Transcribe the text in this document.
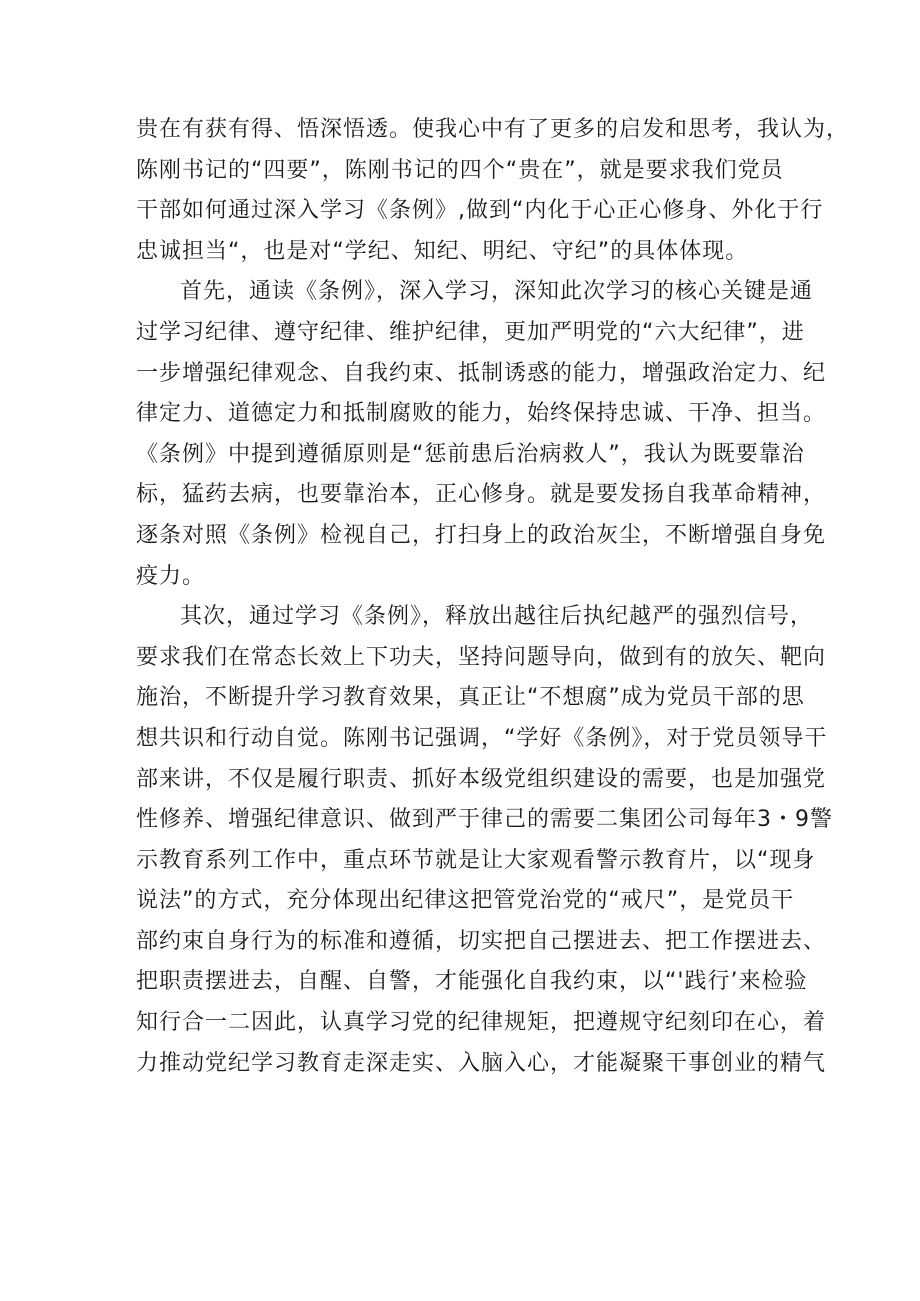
贵在有获有得、悟深悟透。使我心中有了更多的启发和思考，我认为，
陈刚书记的“四要”，陈刚书记的四个“贵在”，就是要求我们党员
干部如何通过深入学习《条例》,做到“内化于心正心修身、外化于行
忠诚担当“，也是对“学纪、知纪、明纪、守纪”的具体体现。
首先，通读《条例》，深入学习，深知此次学习的核心关键是通
过学习纪律、遵守纪律、维护纪律，更加严明党的“六大纪律”，进
一步增强纪律观念、自我约束、抵制诱惑的能力，增强政治定力、纪
律定力、道德定力和抵制腐败的能力，始终保持忠诚、干净、担当。
《条例》中提到遵循原则是“惩前患后治病救人”，我认为既要靠治
标，猛药去病，也要靠治本，正心修身。就是要发扬自我革命精神，
逐条对照《条例》检视自己，打扫身上的政治灰尘，不断增强自身免
疫力。
其次，通过学习《条例》，释放出越往后执纪越严的强烈信号，
要求我们在常态长效上下功夫，坚持问题导向，做到有的放矢、靶向
施治，不断提升学习教育效果，真正让“不想腐”成为党员干部的思
想共识和行动自觉。陈刚书记强调，“学好《条例》，对于党员领导干
部来讲，不仅是履行职责、抓好本级党组织建设的需要，也是加强党
性修养、增强纪律意识、做到严于律己的需要二集团公司每年3・9警
示教育系列工作中，重点环节就是让大家观看警示教育片，以“现身
说法”的方式，充分体现出纪律这把管党治党的“戒尺”，是党员干
部约束自身行为的标准和遵循，切实把自己摆进去、把工作摆进去、
把职责摆进去，自醒、自警，才能强化自我约束，以“'践行’来检验
知行合一二因此，认真学习党的纪律规矩，把遵规守纪刻印在心，着
力推动党纪学习教育走深走实、入脑入心，才能凝聚干事创业的精气
